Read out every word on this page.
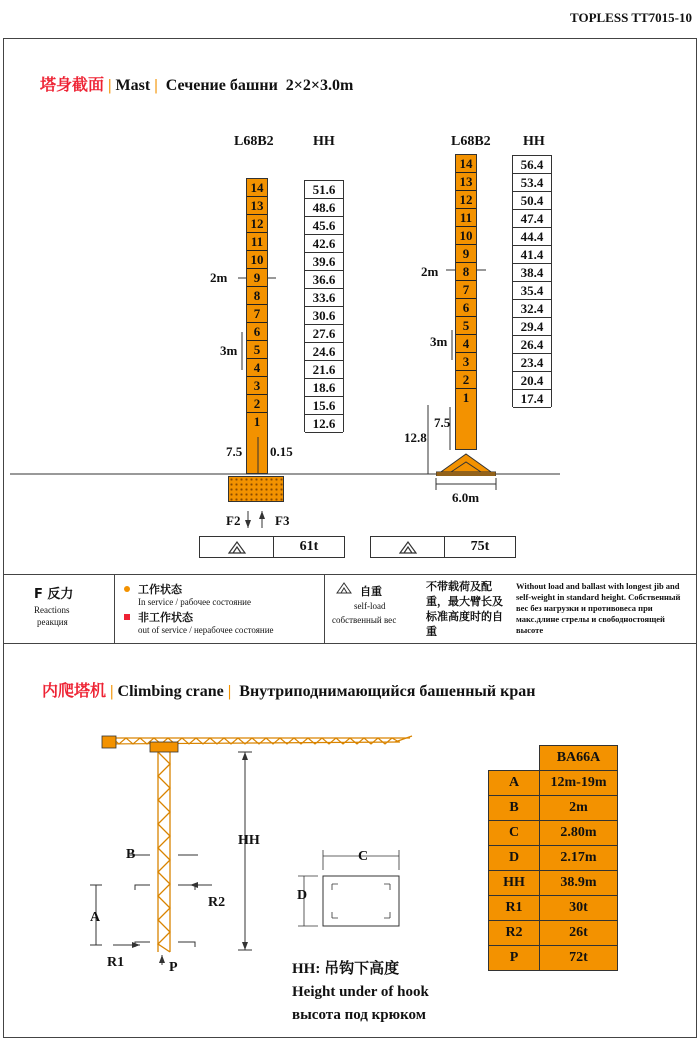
TOPLESS TT7015-10
塔身截面 | Mast | Сечение башни 2×2×3.0m
L68B2	HH
14
13
12
11
10
9
8
7
6
5
4
3
2
1
51.6
48.6
45.6
42.6
39.6
36.6
33.6
30.6
27.6
24.6
21.6
18.6
15.6
12.6
2m
3m
7.5 0.15
F2	F3
61t
L68B2 HH
14
13
12
11
10
9
8
7
6
5
4
3
2
1
56.4
53.4
50.4
47.4
44.4
41.4
38.4
35.4
32.4
29.4
26.4
23.4
20.4
17.4
2m
3m
7.5
12.8
6.0m
75t
F 反力
Reactions
реакция
工作状态
In service / рабочее состояние
非工作状态
out of service / нерабочее состояние
自重
self-load
собственный вес
不带载荷及配重，最大臂长及标准高度时的自重
Without load and ballast with longest jib and self-weight in standard height. Собственный вес без нагрузки и противовеса при макс.длине стрелы и свободностоящей высоте
内爬塔机 | Climbing crane | Внутриподнимающийся башенный кран
HH
B
A
R1
R2
P
C
D
HH: 吊钩下高度
Height under of hook
высота под крюком
	BA66A
A	12m-19m
B	2m
C	2.80m
D	2.17m
HH	38.9m
R1	30t
R2	26t
P	72t
